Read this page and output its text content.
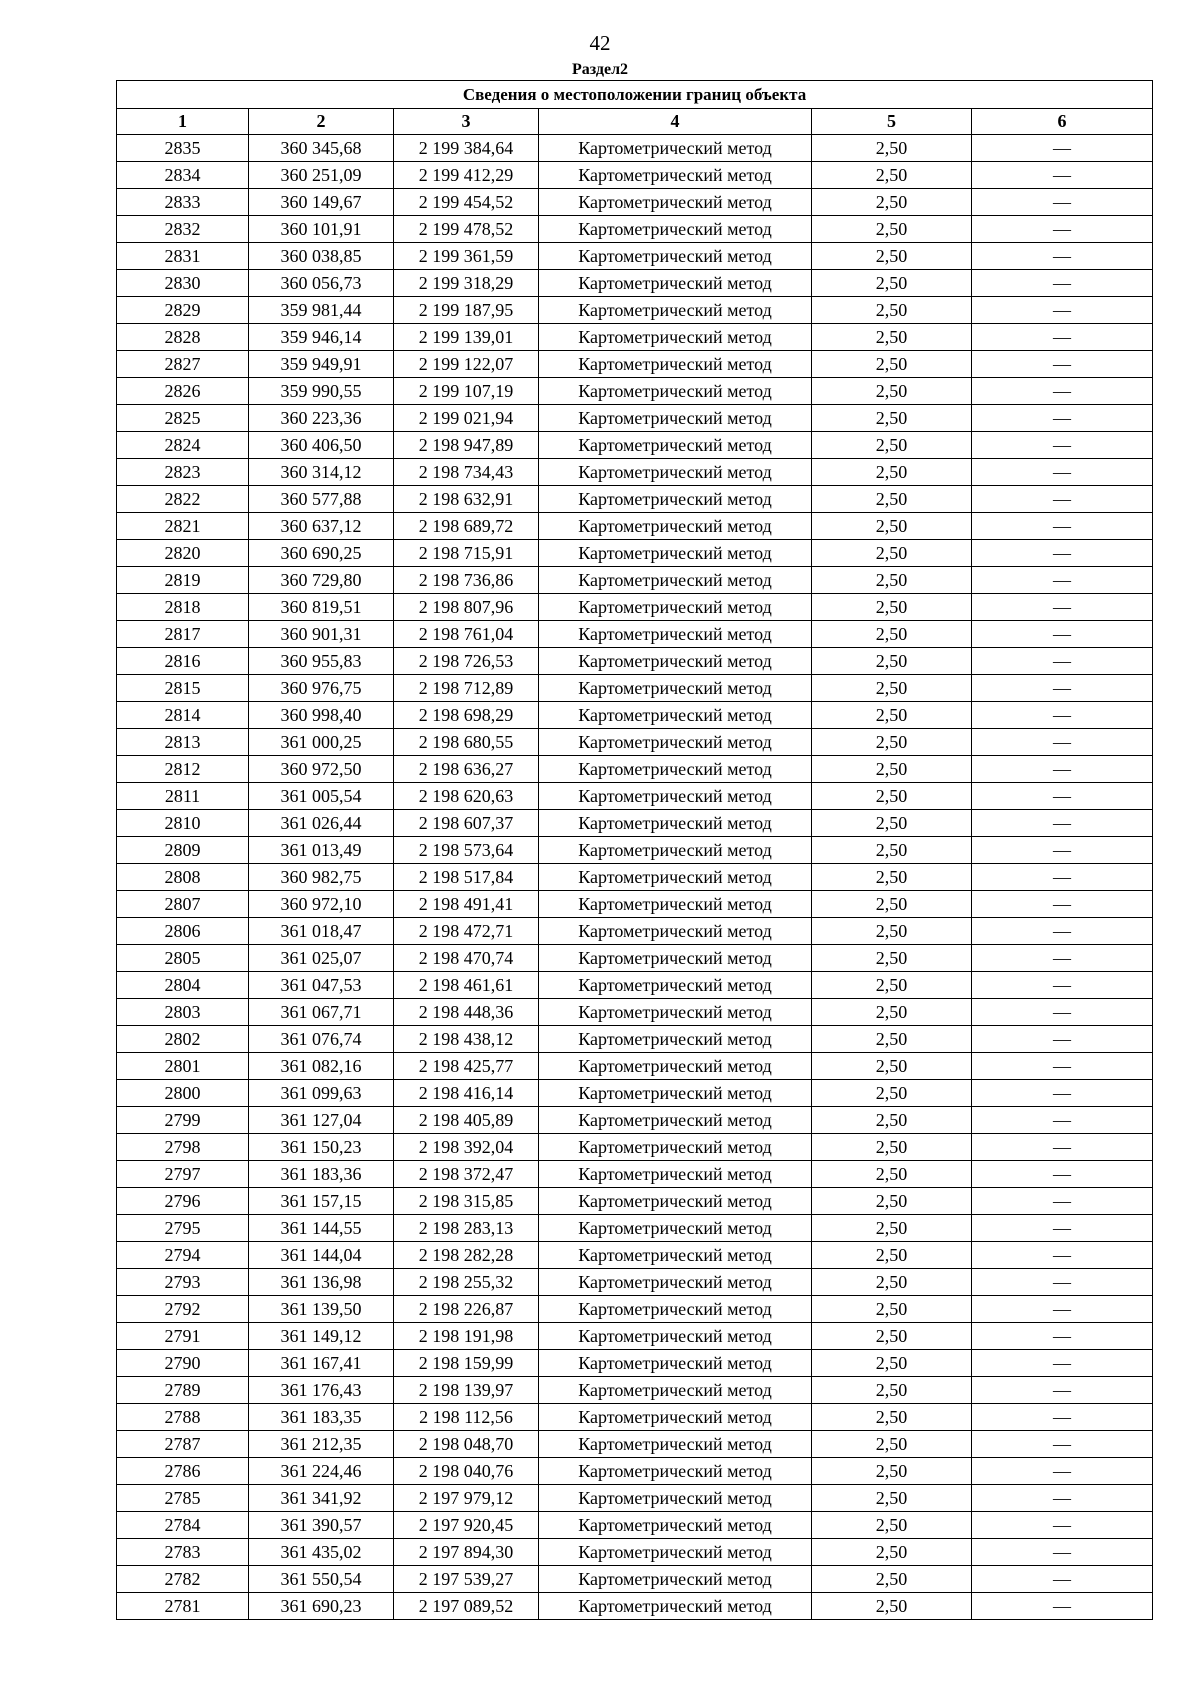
42
Раздел2
Сведения о местоположении границ объекта					
1	2	3	4	5	6
2835	360 345,68	2 199 384,64	Картометрический метод	2,50	—
2834	360 251,09	2 199 412,29	Картометрический метод	2,50	—
2833	360 149,67	2 199 454,52	Картометрический метод	2,50	—
2832	360 101,91	2 199 478,52	Картометрический метод	2,50	—
2831	360 038,85	2 199 361,59	Картометрический метод	2,50	—
2830	360 056,73	2 199 318,29	Картометрический метод	2,50	—
2829	359 981,44	2 199 187,95	Картометрический метод	2,50	—
2828	359 946,14	2 199 139,01	Картометрический метод	2,50	—
2827	359 949,91	2 199 122,07	Картометрический метод	2,50	—
2826	359 990,55	2 199 107,19	Картометрический метод	2,50	—
2825	360 223,36	2 199 021,94	Картометрический метод	2,50	—
2824	360 406,50	2 198 947,89	Картометрический метод	2,50	—
2823	360 314,12	2 198 734,43	Картометрический метод	2,50	—
2822	360 577,88	2 198 632,91	Картометрический метод	2,50	—
2821	360 637,12	2 198 689,72	Картометрический метод	2,50	—
2820	360 690,25	2 198 715,91	Картометрический метод	2,50	—
2819	360 729,80	2 198 736,86	Картометрический метод	2,50	—
2818	360 819,51	2 198 807,96	Картометрический метод	2,50	—
2817	360 901,31	2 198 761,04	Картометрический метод	2,50	—
2816	360 955,83	2 198 726,53	Картометрический метод	2,50	—
2815	360 976,75	2 198 712,89	Картометрический метод	2,50	—
2814	360 998,40	2 198 698,29	Картометрический метод	2,50	—
2813	361 000,25	2 198 680,55	Картометрический метод	2,50	—
2812	360 972,50	2 198 636,27	Картометрический метод	2,50	—
2811	361 005,54	2 198 620,63	Картометрический метод	2,50	—
2810	361 026,44	2 198 607,37	Картометрический метод	2,50	—
2809	361 013,49	2 198 573,64	Картометрический метод	2,50	—
2808	360 982,75	2 198 517,84	Картометрический метод	2,50	—
2807	360 972,10	2 198 491,41	Картометрический метод	2,50	—
2806	361 018,47	2 198 472,71	Картометрический метод	2,50	—
2805	361 025,07	2 198 470,74	Картометрический метод	2,50	—
2804	361 047,53	2 198 461,61	Картометрический метод	2,50	—
2803	361 067,71	2 198 448,36	Картометрический метод	2,50	—
2802	361 076,74	2 198 438,12	Картометрический метод	2,50	—
2801	361 082,16	2 198 425,77	Картометрический метод	2,50	—
2800	361 099,63	2 198 416,14	Картометрический метод	2,50	—
2799	361 127,04	2 198 405,89	Картометрический метод	2,50	—
2798	361 150,23	2 198 392,04	Картометрический метод	2,50	—
2797	361 183,36	2 198 372,47	Картометрический метод	2,50	—
2796	361 157,15	2 198 315,85	Картометрический метод	2,50	—
2795	361 144,55	2 198 283,13	Картометрический метод	2,50	—
2794	361 144,04	2 198 282,28	Картометрический метод	2,50	—
2793	361 136,98	2 198 255,32	Картометрический метод	2,50	—
2792	361 139,50	2 198 226,87	Картометрический метод	2,50	—
2791	361 149,12	2 198 191,98	Картометрический метод	2,50	—
2790	361 167,41	2 198 159,99	Картометрический метод	2,50	—
2789	361 176,43	2 198 139,97	Картометрический метод	2,50	—
2788	361 183,35	2 198 112,56	Картометрический метод	2,50	—
2787	361 212,35	2 198 048,70	Картометрический метод	2,50	—
2786	361 224,46	2 198 040,76	Картометрический метод	2,50	—
2785	361 341,92	2 197 979,12	Картометрический метод	2,50	—
2784	361 390,57	2 197 920,45	Картометрический метод	2,50	—
2783	361 435,02	2 197 894,30	Картометрический метод	2,50	—
2782	361 550,54	2 197 539,27	Картометрический метод	2,50	—
2781	361 690,23	2 197 089,52	Картометрический метод	2,50	—
